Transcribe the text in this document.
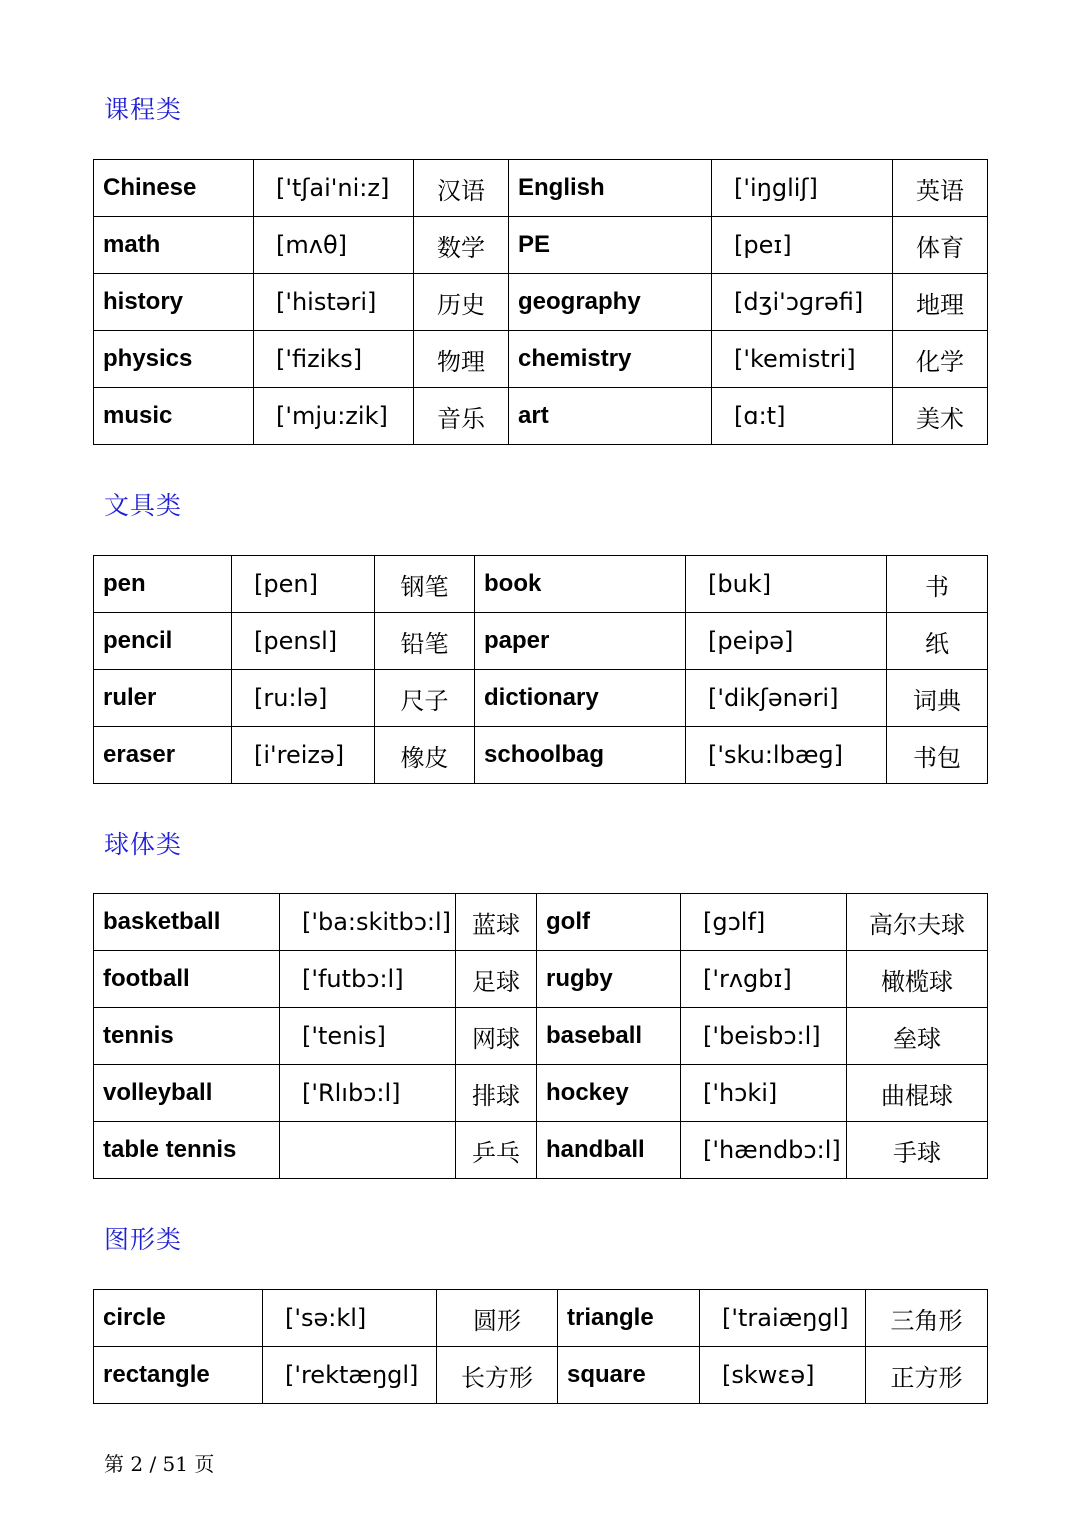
课程类
Chinese	['tʃai'ni:z]	汉语	English	['iŋgliʃ]	英语
math	[mʌθ]	数学	PE	[peɪ]	体育
history	['histəri]	历史	geography	[dʒi'ɔɡrəfi]	地理
physics	['fiziks]	物理	chemistry	['kemistri]	化学
music	['mju:zik]	音乐	art	[ɑ:t]	美术
文具类
pen	[pen]	钢笔	book	[buk]	书
pencil	[pensl]	铅笔	paper	[peipə]	纸
ruler	[ru:lə]	尺子	dictionary	['dikʃənəri]	词典
eraser	[i'reizə]	橡皮	schoolbag	['sku:lbæɡ]	书包
球体类
basketball	['ba:skitbɔ:l]	蓝球	golf	[gɔlf]	高尔夫球
football	['futbɔ:l]	足球	rugby	['rʌgbɪ]	橄榄球
tennis	['tenis]	网球	baseball	['beisbɔ:l]	垒球
volleyball	['Rlıbɔ:l]	排球	hockey	['hɔki]	曲棍球
table tennis		乒乓	handball	['hændbɔ:l]	手球
图形类
circle	['sə:kl]	圆形	triangle	['traiæŋgl]	三角形
rectangle	['rektæŋgl]	长方形	square	[skwɛə]	正方形
第 2 / 51 页
